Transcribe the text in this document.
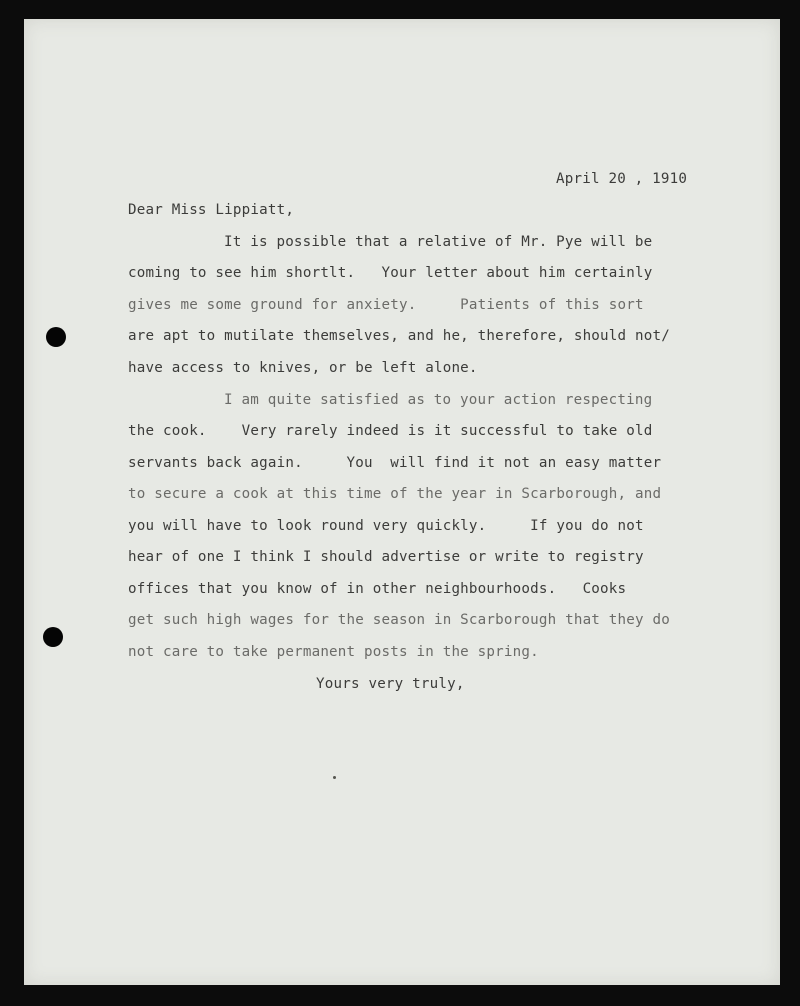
April 20 , 1910
Dear Miss Lippiatt,
It is possible that a relative of Mr. Pye will be
coming to see him shortlt.   Your letter about him certainly
gives me some ground for anxiety.     Patients of this sort
are apt to mutilate themselves, and he, therefore, should not/
have access to knives, or be left alone.
I am quite satisfied as to your action respecting
the cook.    Very rarely indeed is it successful to take old
servants back again.     You  will find it not an easy matter
to secure a cook at this time of the year in Scarborough, and
you will have to look round very quickly.     If you do not
hear of one I think I should advertise or write to registry
offices that you know of in other neighbourhoods.   Cooks
get such high wages for the season in Scarborough that they do
not care to take permanent posts in the spring.
Yours very truly,
